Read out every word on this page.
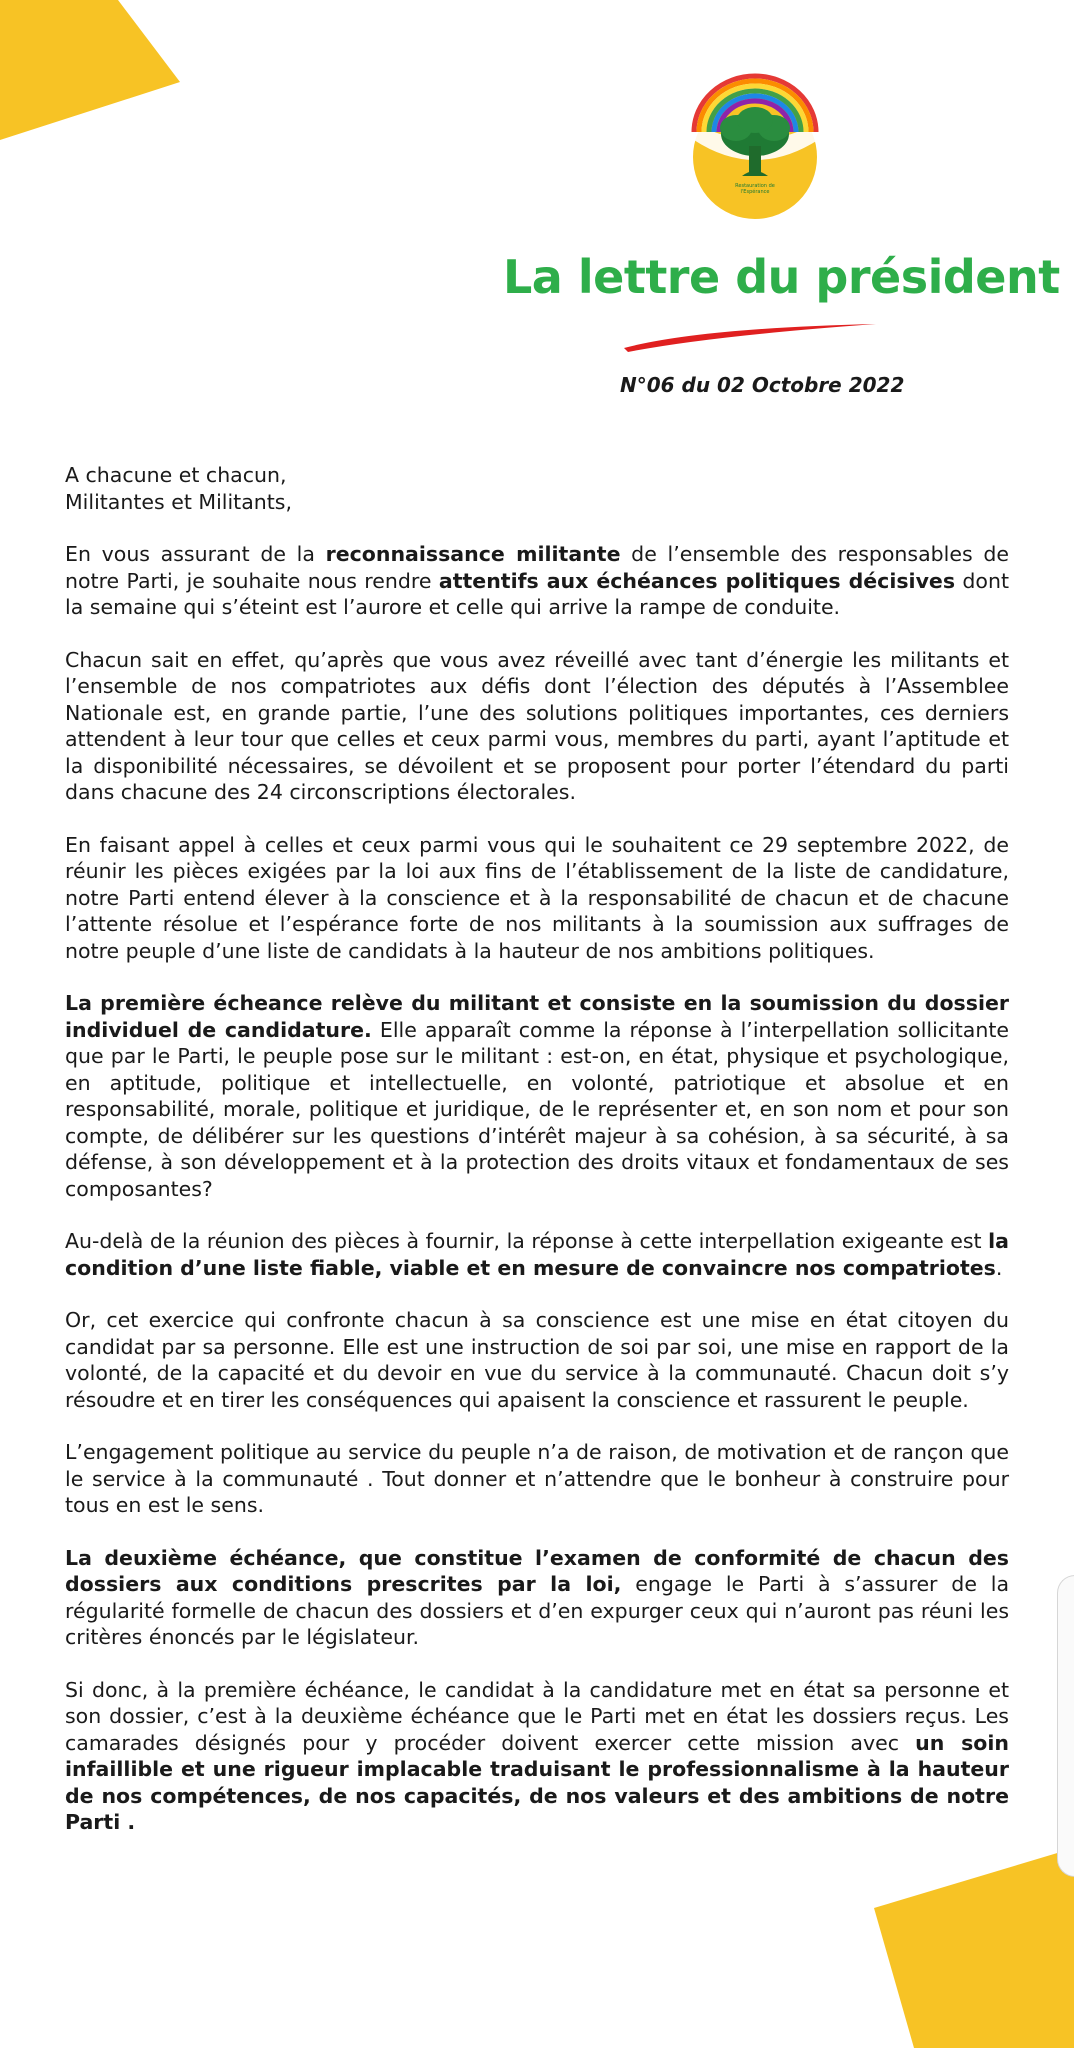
Restauration de
l'Espérance
La lettre du président
N°06 du 02 Octobre 2022

A chacune et chacun,
Militantes et Militants,

En vous assurant de la reconnaissance militante de l’ensemble des responsables de notre Parti, je souhaite nous rendre attentifs aux échéances politiques décisives dont la semaine qui s’éteint est l’aurore et celle qui arrive la rampe de conduite.

Chacun sait en effet, qu’après que vous avez réveillé avec tant d’énergie les militants et l’ensemble de nos compatriotes aux défis dont l’élection des députés à l’Assemblee Nationale est, en grande partie, l’une des solutions politiques importantes, ces derniers attendent à leur tour que celles et ceux parmi vous, membres du parti, ayant l’aptitude et la disponibilité nécessaires, se dévoilent et se proposent pour porter l’étendard du parti dans chacune des 24 circonscriptions électorales.

En faisant appel à celles et ceux parmi vous qui le souhaitent ce 29 septembre 2022, de réunir les pièces exigées par la loi aux fins de l’établissement de la liste de candidature, notre Parti entend élever à la conscience et à la responsabilité de chacun et de chacune l’attente résolue et l’espérance forte de nos militants à la soumission aux suffrages de notre peuple d’une liste de candidats à la hauteur de nos ambitions politiques.

La première écheance relève du militant et consiste en la soumission du dossier individuel de candidature. Elle apparaît comme la réponse à l’interpellation sollicitante que par le Parti, le peuple pose sur le militant : est-on, en état, physique et psychologique, en aptitude, politique et intellectuelle, en volonté, patriotique et absolue et en responsabilité, morale, politique et juridique, de le représenter et, en son nom et pour son compte, de délibérer sur les questions d’intérêt majeur à sa cohésion, à sa sécurité, à sa défense, à son développement et à la protection des droits vitaux et fondamentaux de ses composantes?

Au-delà de la réunion des pièces à fournir, la réponse à cette interpellation exigeante est la condition d’une liste fiable, viable et en mesure de convaincre nos compatriotes.

Or, cet exercice qui confronte chacun à sa conscience est une mise en état citoyen du candidat par sa personne. Elle est une instruction de soi par soi, une mise en rapport de la volonté, de la capacité et du devoir en vue du service à la communauté. Chacun doit s’y résoudre et en tirer les conséquences qui apaisent la conscience et rassurent le peuple.

L’engagement politique au service du peuple n’a de raison, de motivation et de rançon que le service à la communauté . Tout donner et n’attendre que le bonheur à construire pour tous en est le sens.

La deuxième échéance, que constitue l’examen de conformité de chacun des dossiers aux conditions prescrites par la loi, engage le Parti à s’assurer de la régularité formelle de chacun des dossiers et d’en expurger ceux qui n’auront pas réuni les critères énoncés par le législateur.

Si donc, à la première échéance, le candidat à la candidature met en état sa personne et son dossier, c’est à la deuxième échéance que le Parti met en état les dossiers reçus. Les camarades désignés pour y procéder doivent exercer cette mission avec un soin infaillible et une rigueur implacable traduisant le professionnalisme à la hauteur de nos compétences, de nos capacités, de nos valeurs et des ambitions de notre Parti .
